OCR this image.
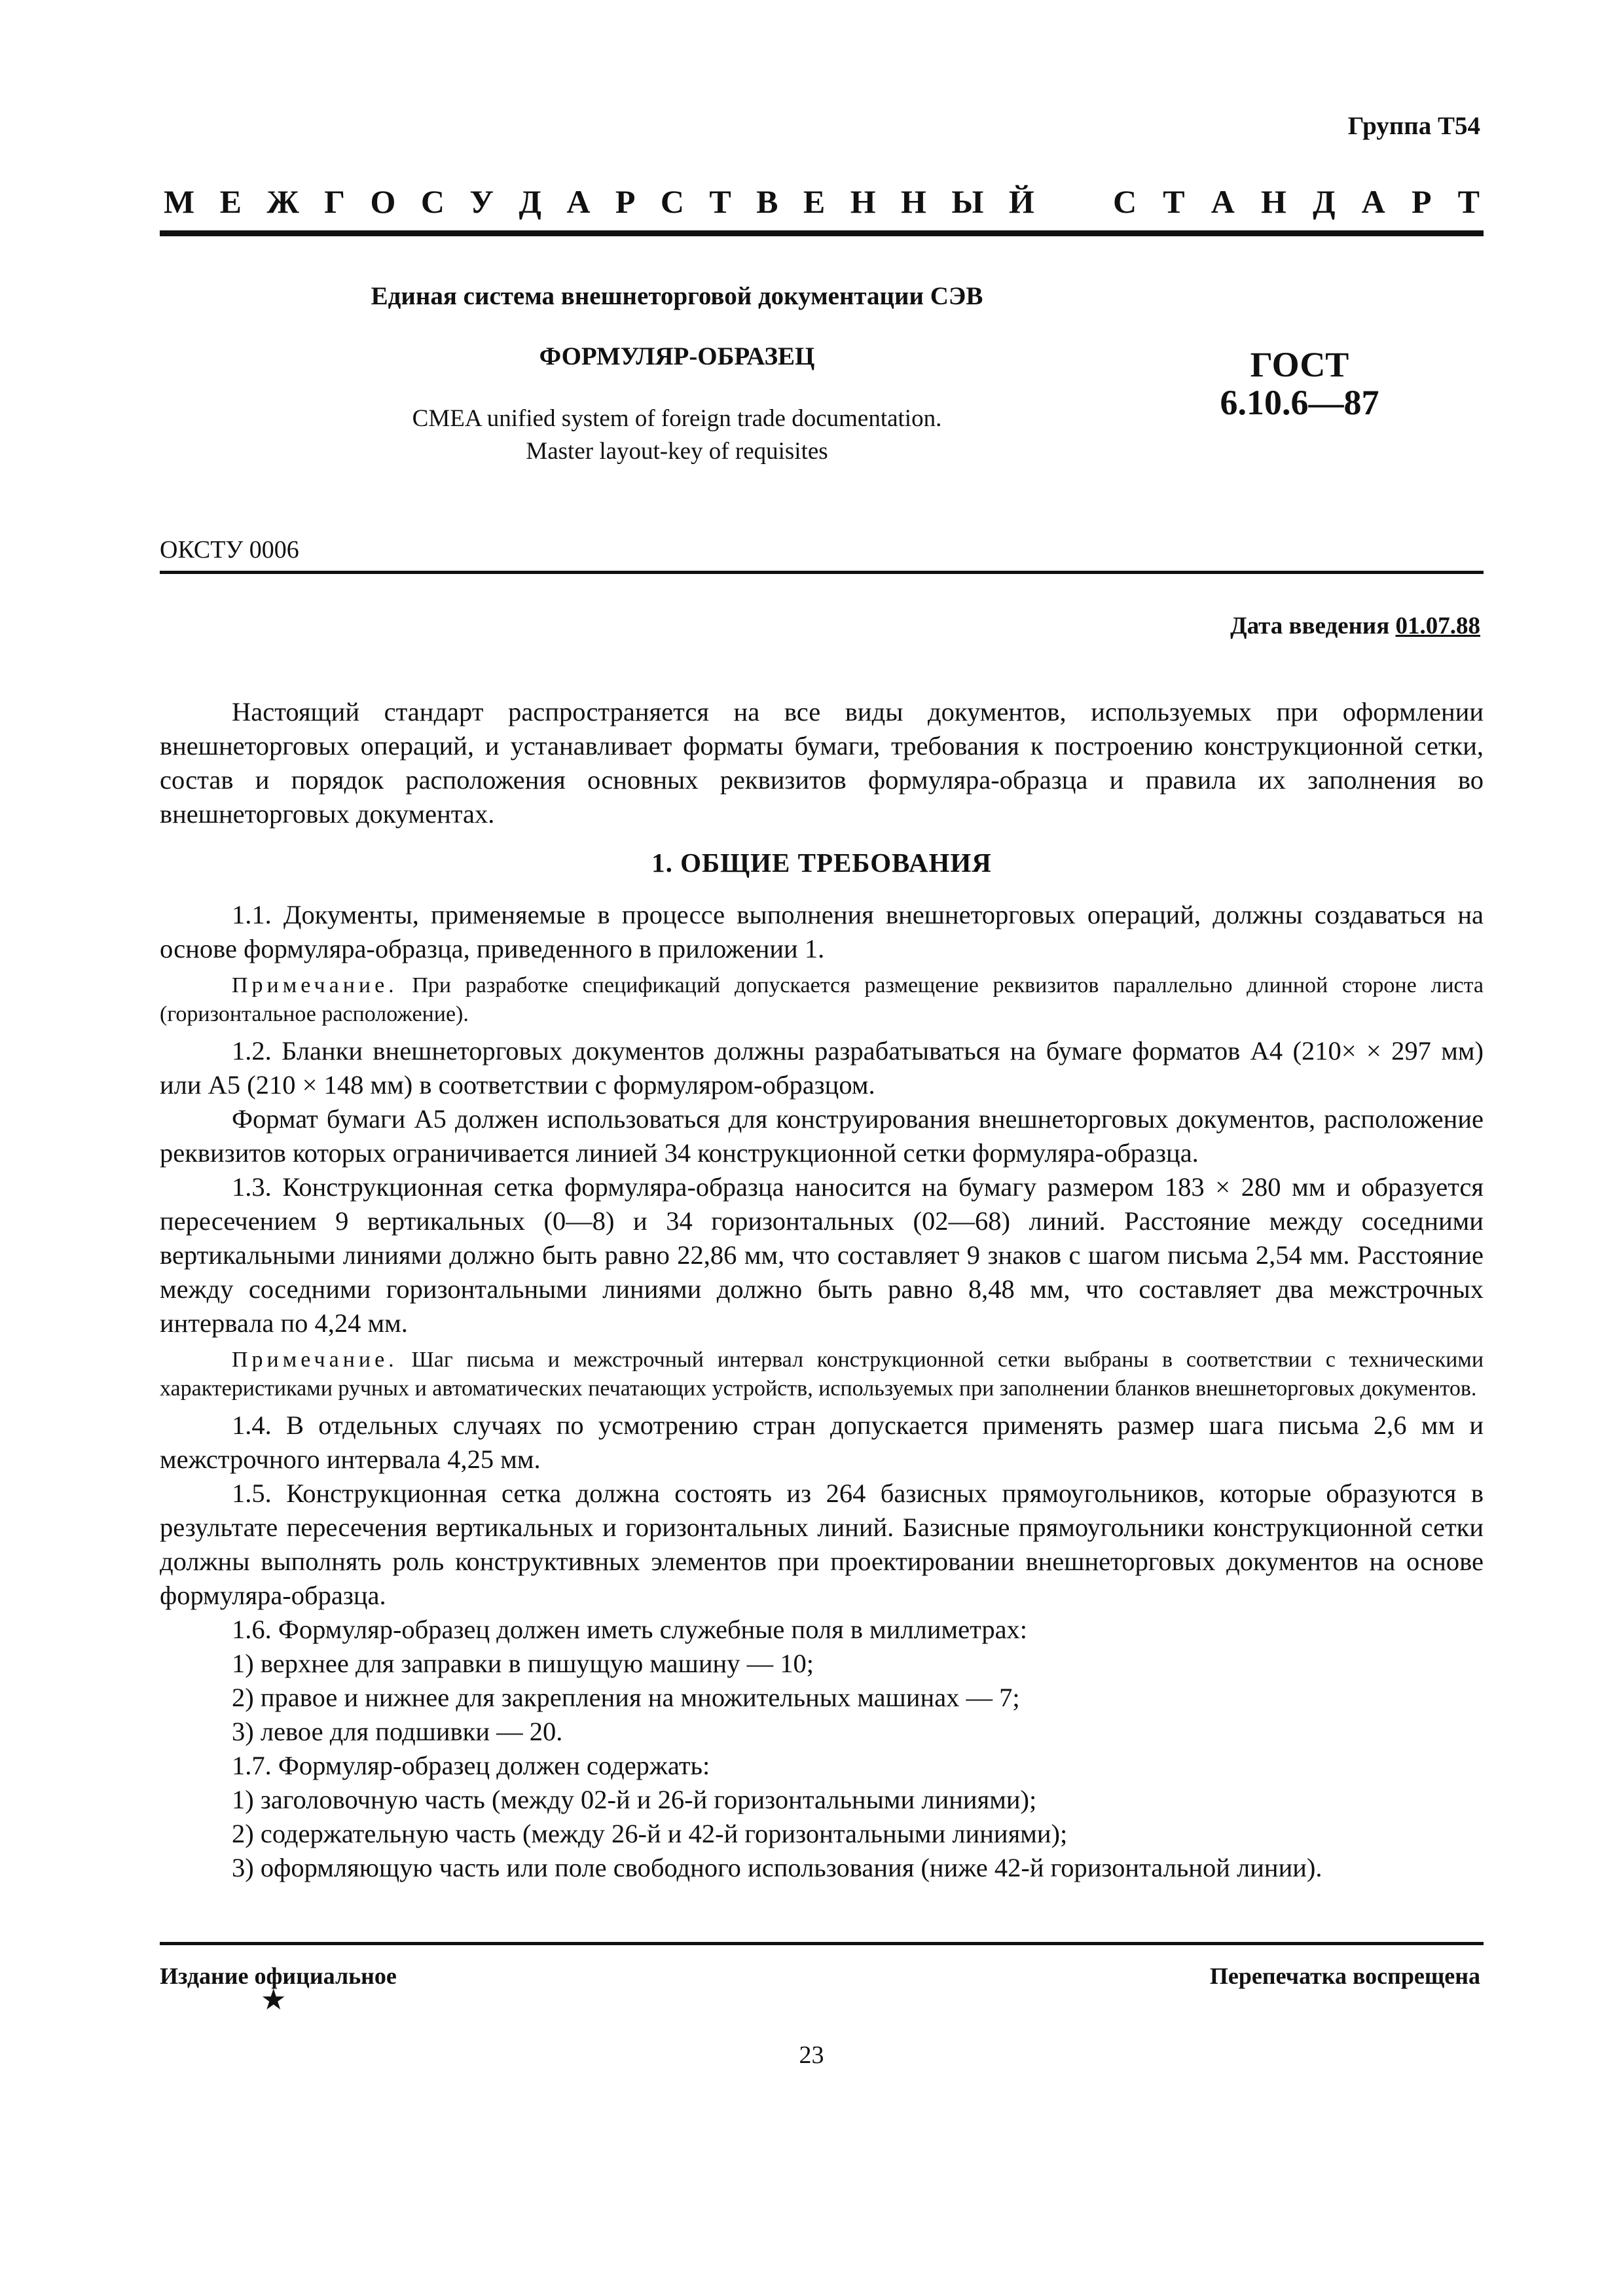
Группа Т54
М Е Ж Г О С У Д А Р С Т В Е Н Н Ы Й С Т А Н Д А Р Т
Единая система внешнеторговой документации СЭВ
ФОРМУЛЯР-ОБРАЗЕЦ
CMEA unified system of foreign trade documentation.
Master layout-key of requisites
ГОСТ
6.10.6—87
ОКСТУ 0006
Дата введения 01.07.88

Настоящий стандарт распространяется на все виды документов, используемых при оформлении внешнеторговых операций, и устанавливает форматы бумаги, требования к построению конструкционной сетки, состав и порядок расположения основных реквизитов формуляра-образца и правила их заполнения во внешнеторговых документах.

1. ОБЩИЕ ТРЕБОВАНИЯ

1.1. Документы, применяемые в процессе выполнения внешнеторговых операций, должны создаваться на основе формуляра-образца, приведенного в приложении 1.

Примечание. При разработке спецификаций допускается размещение реквизитов параллельно длинной стороне листа (горизонтальное расположение).

1.2. Бланки внешнеторговых документов должны разрабатываться на бумаге форматов А4 (210× × 297 мм) или А5 (210 × 148 мм) в соответствии с формуляром-образцом.

Формат бумаги А5 должен использоваться для конструирования внешнеторговых документов, расположение реквизитов которых ограничивается линией 34 конструкционной сетки формуляра-образца.

1.3. Конструкционная сетка формуляра-образца наносится на бумагу размером 183 × 280 мм и образуется пересечением 9 вертикальных (0—8) и 34 горизонтальных (02—68) линий. Расстояние между соседними вертикальными линиями должно быть равно 22,86 мм, что составляет 9 знаков с шагом письма 2,54 мм. Расстояние между соседними горизонтальными линиями должно быть равно 8,48 мм, что составляет два межстрочных интервала по 4,24 мм.

Примечание. Шаг письма и межстрочный интервал конструкционной сетки выбраны в соответствии с техническими характеристиками ручных и автоматических печатающих устройств, используемых при заполнении бланков внешнеторговых документов.

1.4. В отдельных случаях по усмотрению стран допускается применять размер шага письма 2,6 мм и межстрочного интервала 4,25 мм.

1.5. Конструкционная сетка должна состоять из 264 базисных прямоугольников, которые образуются в результате пересечения вертикальных и горизонтальных линий. Базисные прямоугольники конструкционной сетки должны выполнять роль конструктивных элементов при проектировании внешнеторговых документов на основе формуляра-образца.

1.6. Формуляр-образец должен иметь служебные поля в миллиметрах:

1) верхнее для заправки в пишущую машину — 10;

2) правое и нижнее для закрепления на множительных машинах — 7;

3) левое для подшивки — 20.

1.7. Формуляр-образец должен содержать:

1) заголовочную часть (между 02-й и 26-й горизонтальными линиями);

2) содержательную часть (между 26-й и 42-й горизонтальными линиями);

3) оформляющую часть или поле свободного использования (ниже 42-й горизонтальной линии).

Издание официальное
★
Перепечатка воспрещена
23
